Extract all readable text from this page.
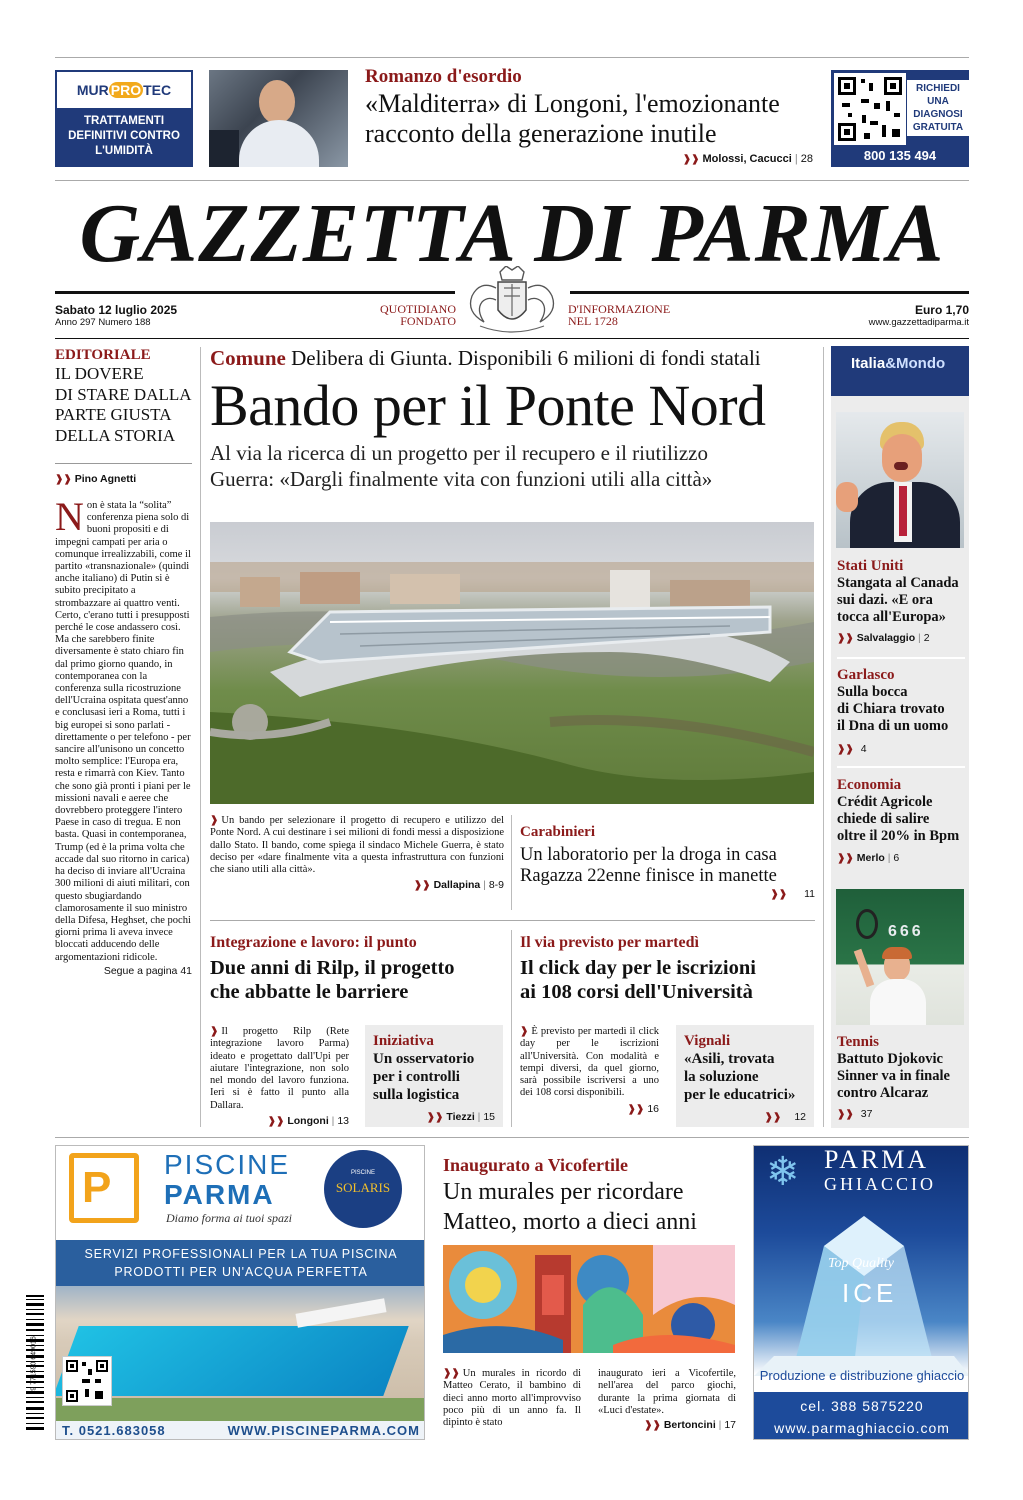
MUR PRO TEC
TRATTAMENTI
DEFINITIVI CONTRO
L'UMIDITÀ
Romanzo d'esordio
«Malditerra» di Longoni, l'emozionante
racconto della generazione inutile
❱❱ Molossi, Cacucci | 28
RICHIEDI
UNA
DIAGNOSI
GRATUITA
800 135 494
GAZZETTA DI PARMA
Sabato 12 luglio 2025
Anno 297 Numero 188
QUOTIDIANO
FONDATO
D'INFORMAZIONE
NEL 1728
Euro 1,70
www.gazzettadiparma.it
EDITORIALE
IL DOVERE
DI STARE DALLA
PARTE GIUSTA
DELLA STORIA
❱❱ Pino Agnetti
Non è stata la “solita” conferenza piena solo di buoni propositi e di impegni campati per aria o comunque irrealizzabili, come il partito «transnazionale» (quindi anche italiano) di Putin si è subito precipitato a strombazzare ai quattro venti. Certo, c'erano tutti i presupposti perché le cose andassero così. Ma che sarebbero finite diversamente è stato chiaro fin dal primo giorno quando, in contemporanea con la conferenza sulla ricostruzione dell'Ucraina ospitata quest'anno e conclusasi ieri a Roma, tutti i big europei si sono parlati - direttamente o per telefono - per sancire all'unisono un concetto molto semplice: l'Europa era, resta e rimarrà con Kiev. Tanto che sono già pronti i piani per le missioni navali e aeree che dovrebbero proteggere l'intero Paese in caso di tregua. E non basta. Quasi in contemporanea, Trump (ed è la prima volta che accade dal suo ritorno in carica) ha deciso di inviare all'Ucraina 300 milioni di aiuti militari, con questo sbugiardando clamorosamente il suo ministro della Difesa, Heghset, che pochi giorni prima li aveva invece bloccati adducendo delle argomentazioni ridicole.
Segue a pagina 41
Comune Delibera di Giunta. Disponibili 6 milioni di fondi statali
Bando per il Ponte Nord
Al via la ricerca di un progetto per il recupero e il riutilizzo
Guerra: «Dargli finalmente vita con funzioni utili alla città»
❱ Un bando per selezionare il progetto di recupero e utilizzo del Ponte Nord. A cui destinare i sei milioni di fondi messi a disposizione dallo Stato. Il bando, come spiega il sindaco Michele Guerra, è stato deciso per «dare finalmente vita a questa infrastruttura con funzioni che siano utili alla città».
❱❱ Dallapina | 8-9
Carabinieri
Un laboratorio per la droga in casa
Ragazza 22enne finisce in manette
❱❱ 11
Integrazione e lavoro: il punto
Due anni di Rilp, il progetto
che abbatte le barriere
❱ Il progetto Rilp (Rete integrazione lavoro Parma) ideato e progettato dall'Upi per aiutare l'integrazione, non solo nel mondo del lavoro funziona. Ieri si è fatto il punto alla Dallara.
❱❱ Longoni | 13
Iniziativa
Un osservatorio
per i controlli
sulla logistica
❱❱ Tiezzi | 15
Il via previsto per martedì
Il click day per le iscrizioni
ai 108 corsi dell'Università
❱ È previsto per martedì il click day per le iscrizioni all'Università. Con modalità e tempi diversi, da quel giorno, sarà possibile iscriversi a uno dei 108 corsi disponibili.
❱❱ 16
Vignali
«Asili, trovata
la soluzione
per le educatrici»
❱❱ 12
Italia&Mondo
Stati Uniti
Stangata al Canada
sui dazi. «E ora
tocca all'Europa»
❱❱ Salvalaggio | 2
Garlasco
Sulla bocca
di Chiara trovato
il Dna di un uomo
❱❱ 4
Economia
Crédit Agricole
chiede di salire
oltre il 20% in Bpm
❱❱ Merlo | 6
666
Tennis
Battuto Djokovic
Sinner va in finale
contro Alcaraz
❱❱ 37
P PISCINE
PARMA
Diamo forma ai tuoi spazi
PISCINE
SOLARIS
SERVIZI PROFESSIONALI PER LA TUA PISCINA
PRODOTTI PER UN'ACQUA PERFETTA
T. 0521.683058	WWW.PISCINEPARMA.COM
9 771590 649016
Inaugurato a Vicofertile
Un murales per ricordare
Matteo, morto a dieci anni
❱❱ Un murales in ricordo di Matteo Cerato, il bambino di dieci anno morto all'improvviso poco più di un anno fa. Il dipinto è stato
inaugurato ieri a Vicofertile, nell'area del parco giochi, durante la prima giornata di «Luci d'estate».
❱❱ Bertoncini | 17
❄ PARMA
GHIACCIO
Top Quality
ICE
Produzione e distribuzione ghiaccio
cel. 388 5875220
www.parmaghiaccio.com
